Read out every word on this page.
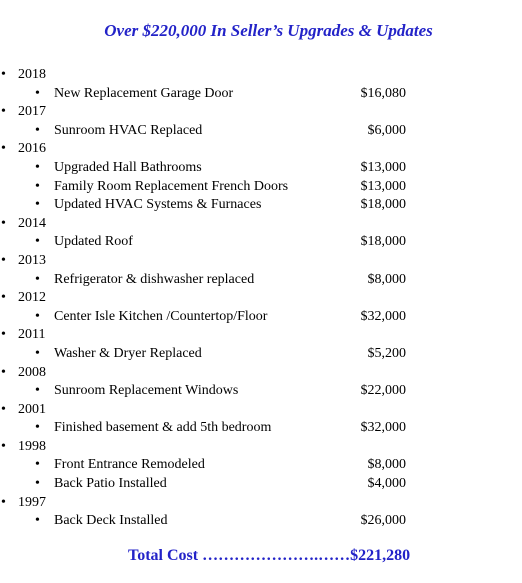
Over $220,000 In Seller’s Upgrades & Updates
• 2018
• New Replacement Garage Door	$16,080
• 2017
• Sunroom HVAC Replaced	$6,000
• 2016
• Upgraded Hall Bathrooms	$13,000
• Family Room Replacement French Doors	$13,000
• Updated HVAC Systems & Furnaces	$18,000
• 2014
• Updated Roof	$18,000
• 2013
• Refrigerator & dishwasher replaced	$8,000
• 2012
• Center Isle Kitchen /Countertop/Floor	$32,000
• 2011
• Washer & Dryer Replaced	$5,200
• 2008
• Sunroom Replacement Windows	$22,000
• 2001
• Finished basement & add 5th bedroom	$32,000
• 1998
• Front Entrance Remodeled	$8,000
• Back Patio Installed	$4,000
• 1997
• Back Deck Installed	$26,000
Total Cost ………………….……$221,280
